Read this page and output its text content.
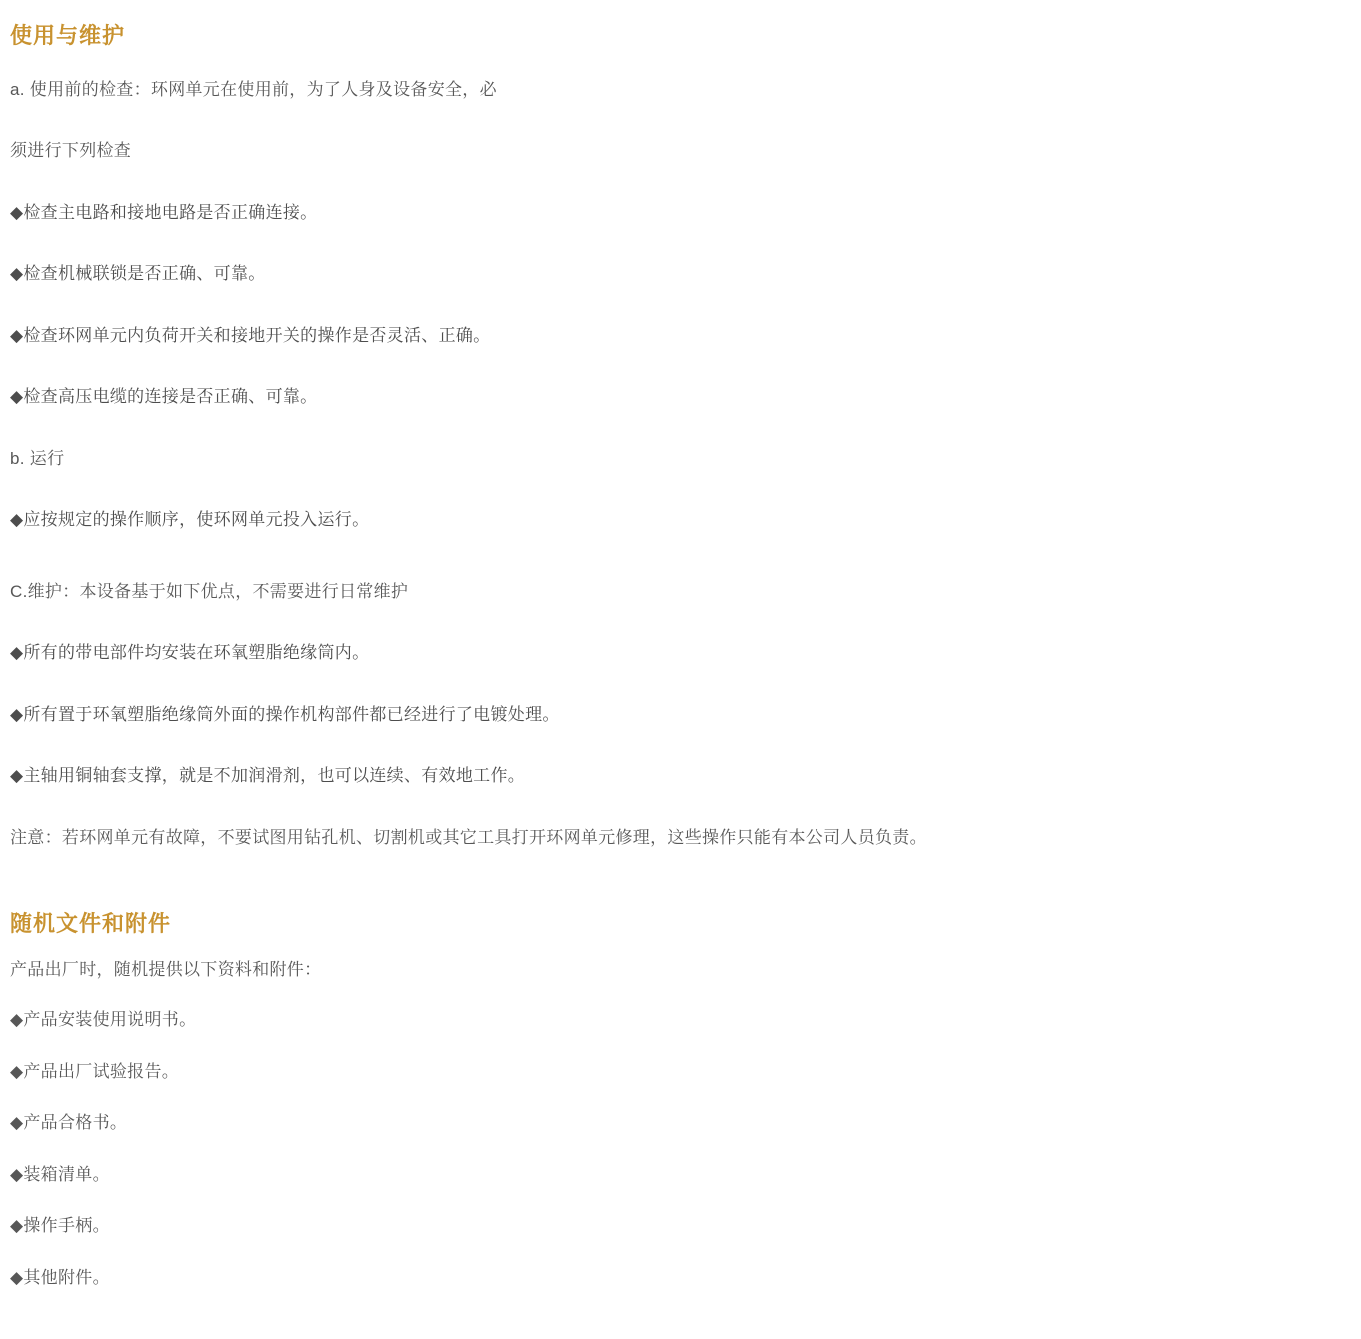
使用与维护

a. 使用前的检查：环网单元在使用前，为了人身及设备安全，必

须进行下列检查

◆检查主电路和接地电路是否正确连接。

◆检查机械联锁是否正确、可靠。

◆检查环网单元内负荷开关和接地开关的操作是否灵活、正确。

◆检查高压电缆的连接是否正确、可靠。

b. 运行

◆应按规定的操作顺序，使环网单元投入运行。

C.维护：本设备基于如下优点，不需要进行日常维护

◆所有的带电部件均安装在环氧塑脂绝缘筒内。

◆所有置于环氧塑脂绝缘筒外面的操作机构部件都已经进行了电镀处理。

◆主轴用铜轴套支撑，就是不加润滑剂，也可以连续、有效地工作。

注意：若环网单元有故障，不要试图用钻孔机、切割机或其它工具打开环网单元修理，这些操作只能有本公司人员负责。

随机文件和附件

产品出厂时，随机提供以下资料和附件：

◆产品安装使用说明书。

◆产品出厂试验报告。

◆产品合格书。

◆装箱清单。

◆操作手柄。

◆其他附件。
